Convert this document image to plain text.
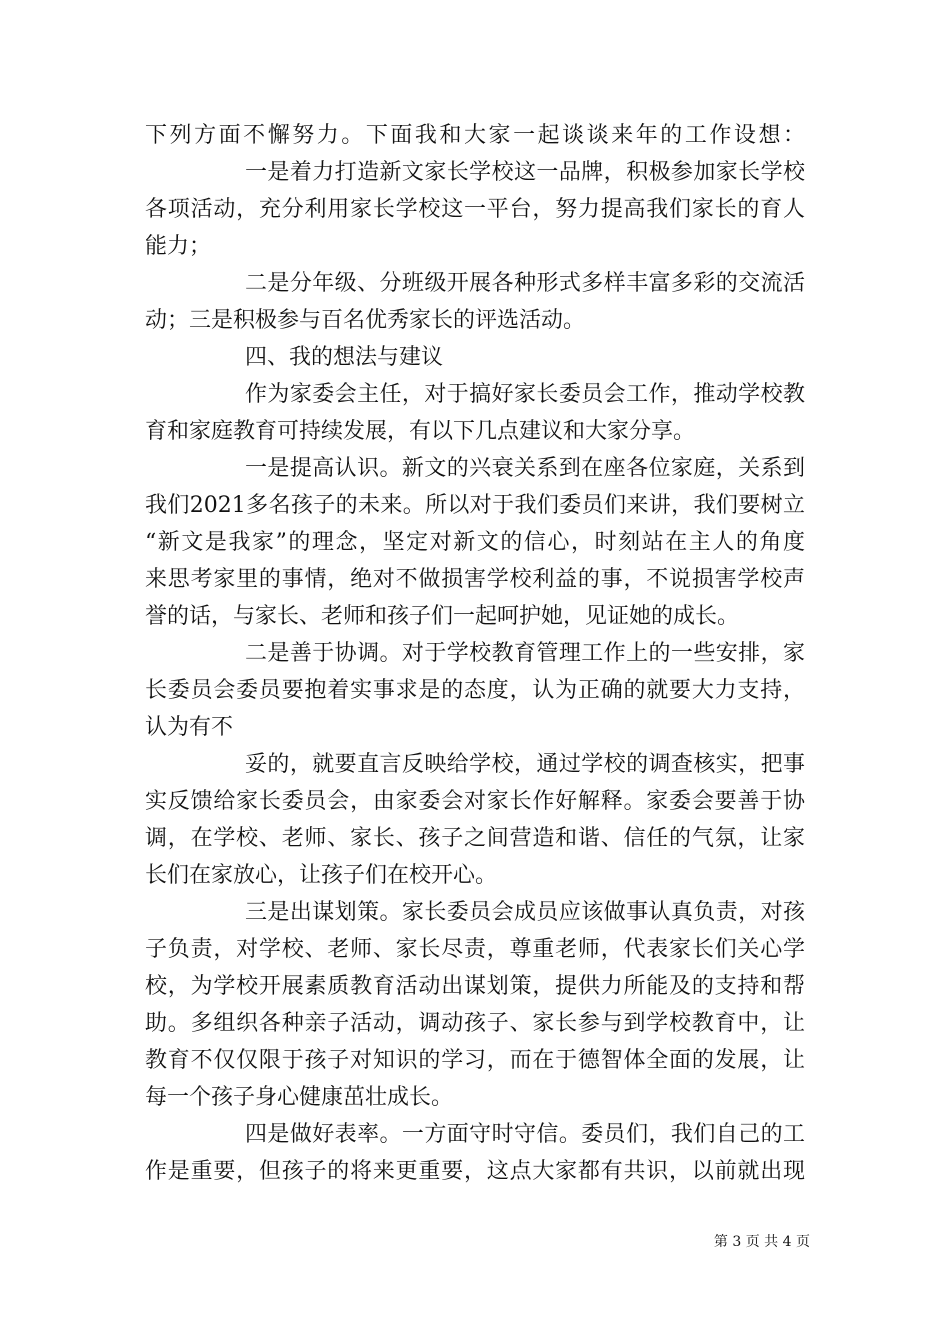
下列方面不懈努力。下面我和大家一起谈谈来年的工作设想：
一是着力打造新文家长学校这一品牌，积极参加家长学校
各项活动，充分利用家长学校这一平台，努力提高我们家长的育人
能力；
二是分年级、分班级开展各种形式多样丰富多彩的交流活
动；三是积极参与百名优秀家长的评选活动。
四、我的想法与建议
作为家委会主任，对于搞好家长委员会工作，推动学校教
育和家庭教育可持续发展，有以下几点建议和大家分享。
一是提高认识。新文的兴衰关系到在座各位家庭，关系到
我们2021多名孩子的未来。所以对于我们委员们来讲，我们要树立
“新文是我家”的理念，坚定对新文的信心，时刻站在主人的角度
来思考家里的事情，绝对不做损害学校利益的事，不说损害学校声
誉的话，与家长、老师和孩子们一起呵护她，见证她的成长。
二是善于协调。对于学校教育管理工作上的一些安排，家
长委员会委员要抱着实事求是的态度，认为正确的就要大力支持，
认为有不
妥的，就要直言反映给学校，通过学校的调查核实，把事
实反馈给家长委员会，由家委会对家长作好解释。家委会要善于协
调，在学校、老师、家长、孩子之间营造和谐、信任的气氛，让家
长们在家放心，让孩子们在校开心。
三是出谋划策。家长委员会成员应该做事认真负责，对孩
子负责，对学校、老师、家长尽责，尊重老师，代表家长们关心学
校，为学校开展素质教育活动出谋划策，提供力所能及的支持和帮
助。多组织各种亲子活动，调动孩子、家长参与到学校教育中，让
教育不仅仅限于孩子对知识的学习，而在于德智体全面的发展，让
每一个孩子身心健康茁壮成长。
四是做好表率。一方面守时守信。委员们，我们自己的工
作是重要，但孩子的将来更重要，这点大家都有共识，以前就出现
第 3 页 共 4 页
